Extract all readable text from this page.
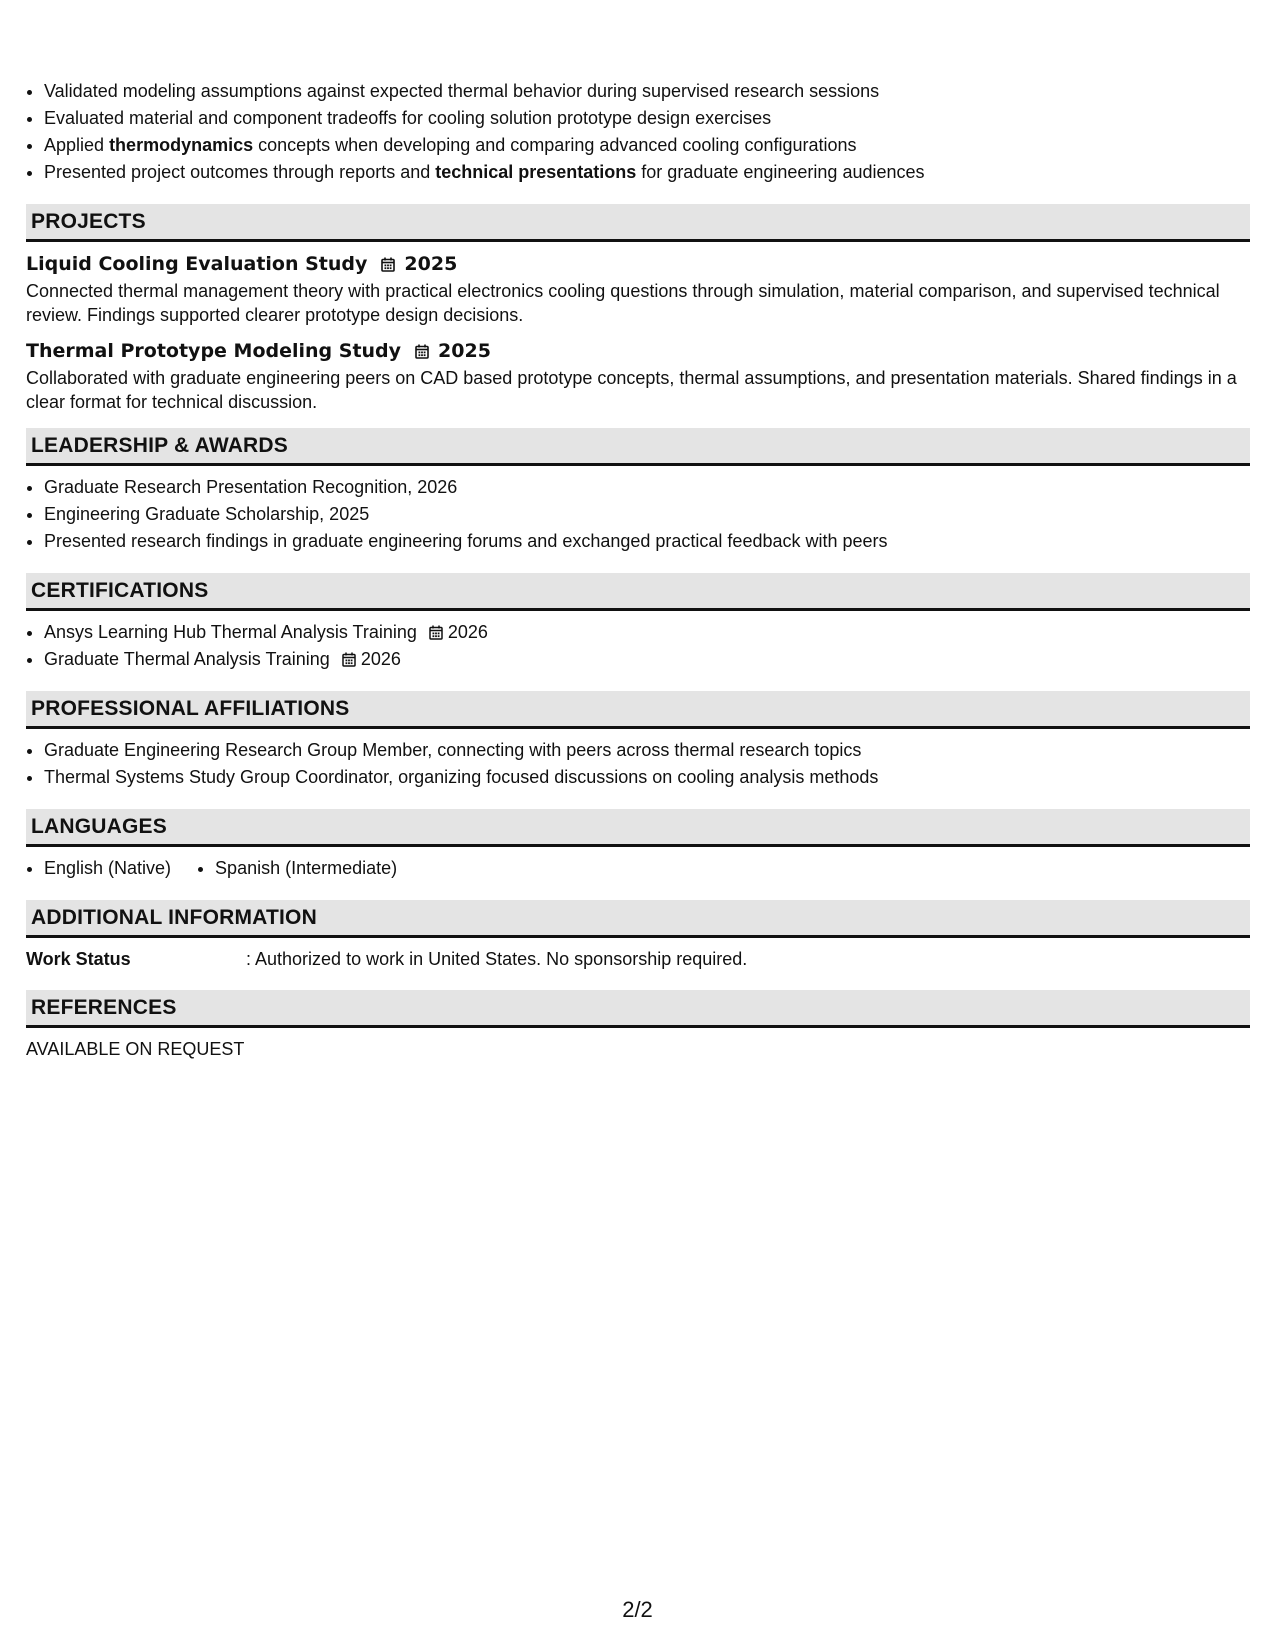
• Validated modeling assumptions against expected thermal behavior during supervised research sessions
• Evaluated material and component tradeoffs for cooling solution prototype design exercises
• Applied thermodynamics concepts when developing and comparing advanced cooling configurations
• Presented project outcomes through reports and technical presentations for graduate engineering audiences
PROJECTS
Liquid Cooling Evaluation Study 2025
Connected thermal management theory with practical electronics cooling questions through simulation, material comparison, and supervised technical review. Findings supported clearer prototype design decisions.
Thermal Prototype Modeling Study 2025
Collaborated with graduate engineering peers on CAD based prototype concepts, thermal assumptions, and presentation materials. Shared findings in a clear format for technical discussion.
LEADERSHIP & AWARDS
• Graduate Research Presentation Recognition, 2026
• Engineering Graduate Scholarship, 2025
• Presented research findings in graduate engineering forums and exchanged practical feedback with peers
CERTIFICATIONS
• Ansys Learning Hub Thermal Analysis Training 2026
• Graduate Thermal Analysis Training 2026
PROFESSIONAL AFFILIATIONS
• Graduate Engineering Research Group Member, connecting with peers across thermal research topics
• Thermal Systems Study Group Coordinator, organizing focused discussions on cooling analysis methods
LANGUAGES
English (Native) Spanish (Intermediate)
ADDITIONAL INFORMATION
Work Status	: Authorized to work in United States. No sponsorship required.
REFERENCES
AVAILABLE ON REQUEST
2/2
